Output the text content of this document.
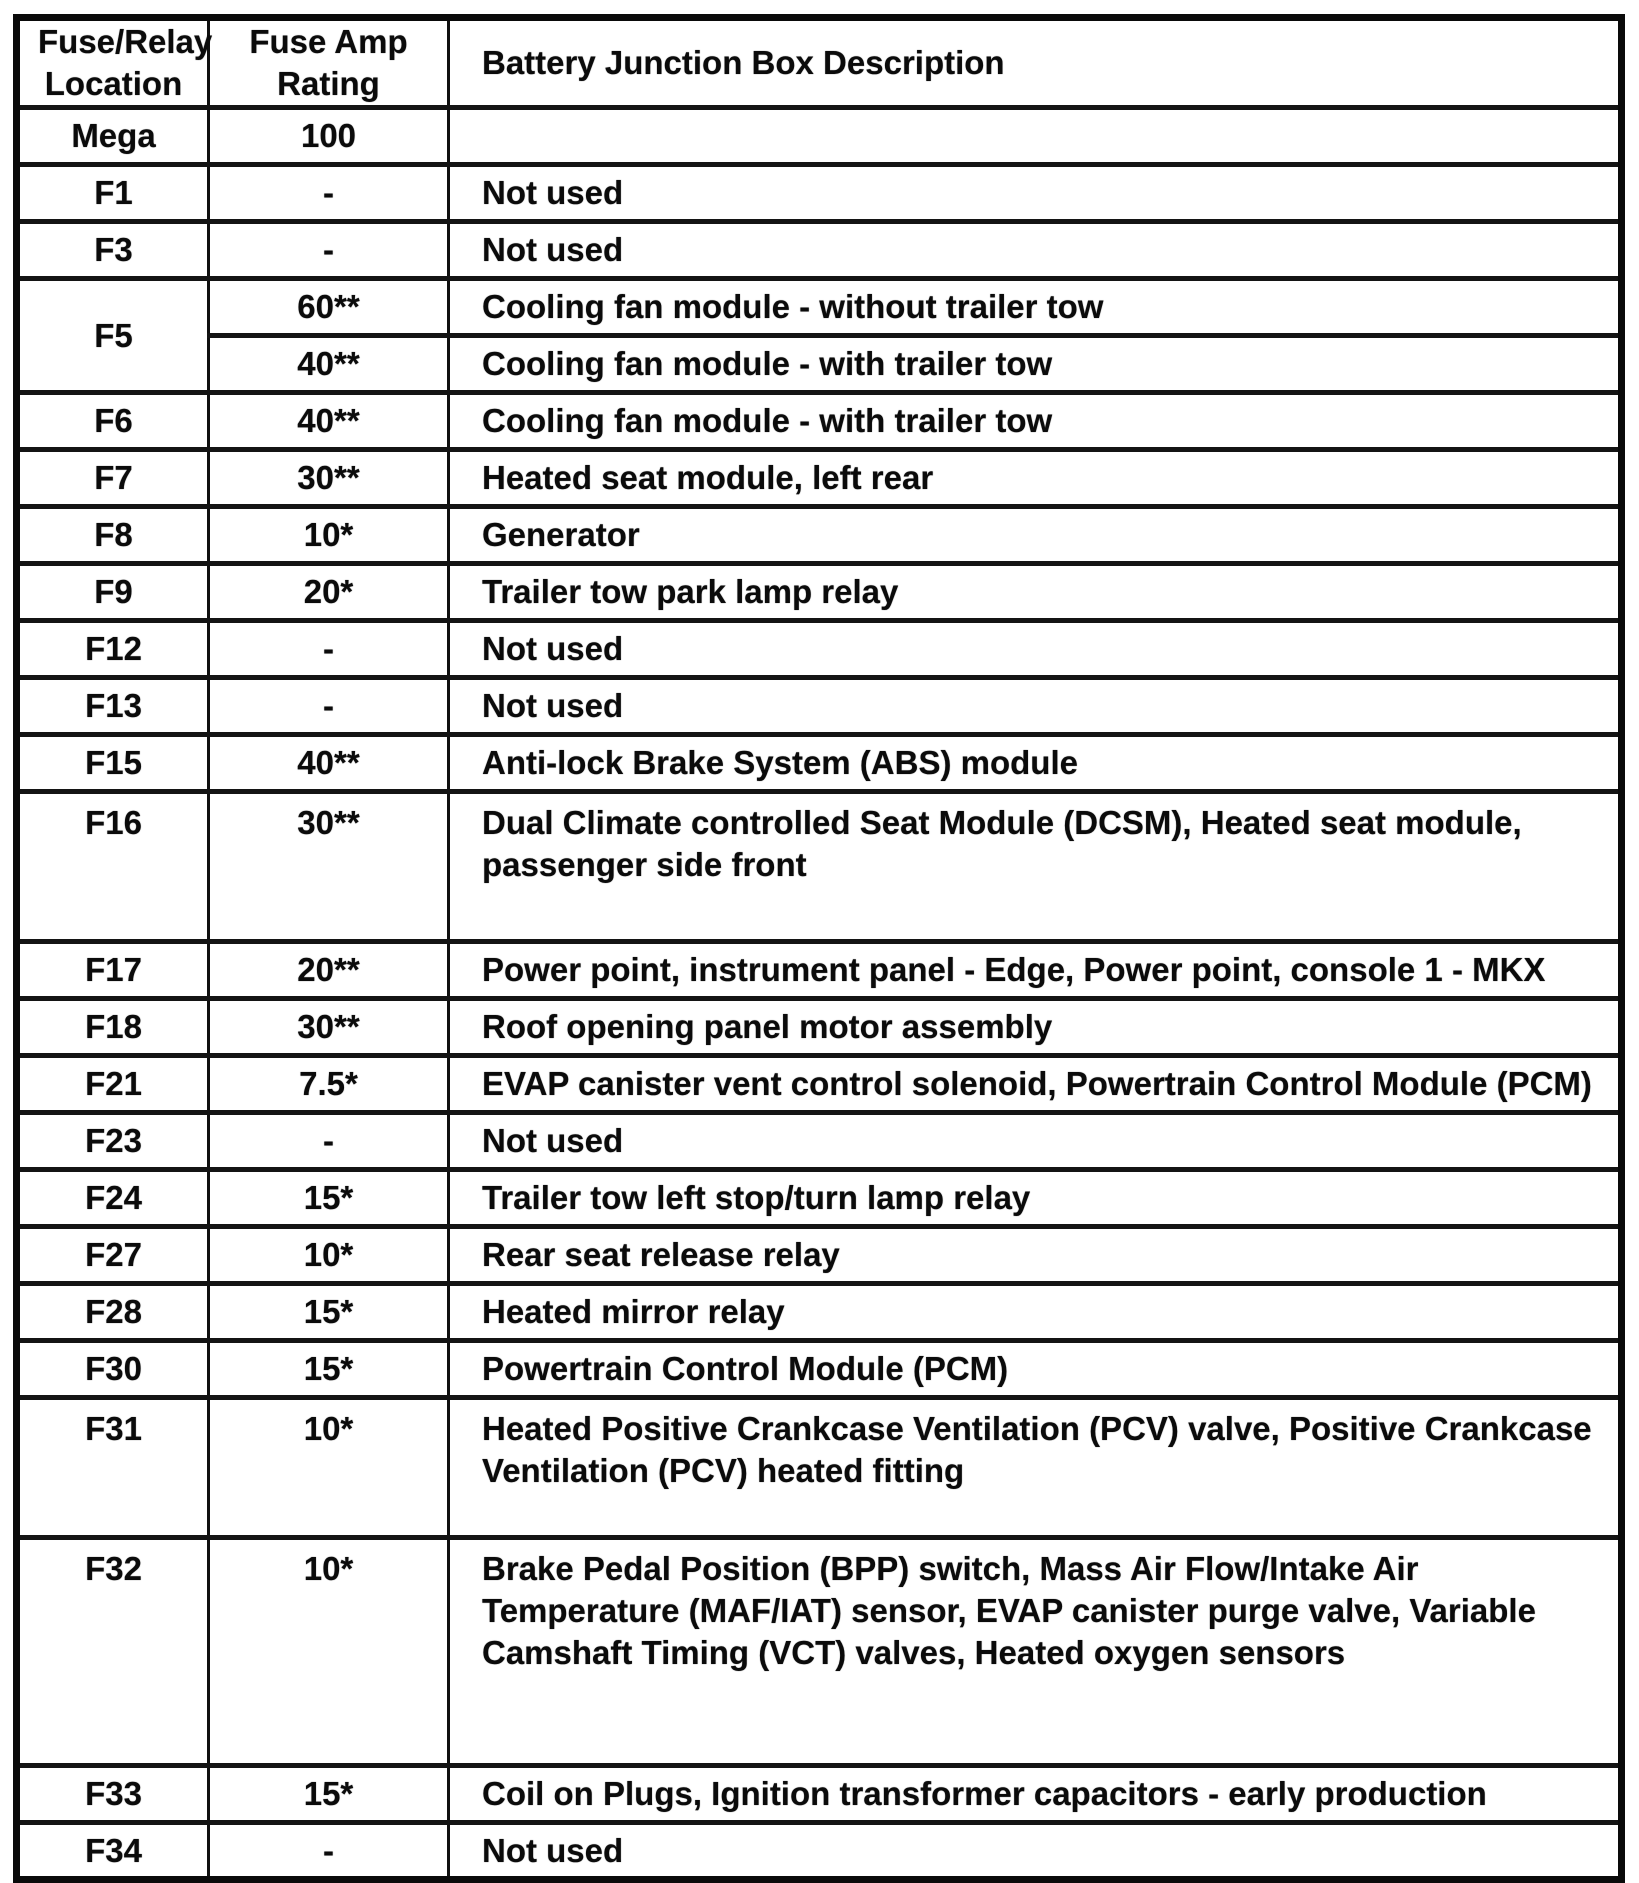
Fuse/Relay Location	Fuse Amp Rating	Battery Junction Box Description
Mega	100	
F1	-	Not used
F3	-	Not used
F5	60**	Cooling fan module - without trailer tow
	40**	Cooling fan module - with trailer tow
F6	40**	Cooling fan module - with trailer tow
F7	30**	Heated seat module, left rear
F8	10*	Generator
F9	20*	Trailer tow park lamp relay
F12	-	Not used
F13	-	Not used
F15	40**	Anti-lock Brake System (ABS) module
F16	30**	Dual Climate controlled Seat Module (DCSM), Heated seat module, passenger side front
F17	20**	Power point, instrument panel - Edge, Power point, console 1 - MKX
F18	30**	Roof opening panel motor assembly
F21	7.5*	EVAP canister vent control solenoid, Powertrain Control Module (PCM)
F23	-	Not used
F24	15*	Trailer tow left stop/turn lamp relay
F27	10*	Rear seat release relay
F28	15*	Heated mirror relay
F30	15*	Powertrain Control Module (PCM)
F31	10*	Heated Positive Crankcase Ventilation (PCV) valve, Positive Crankcase Ventilation (PCV) heated fitting
F32	10*	Brake Pedal Position (BPP) switch, Mass Air Flow/Intake Air Temperature (MAF/IAT) sensor, EVAP canister purge valve, Variable Camshaft Timing (VCT) valves, Heated oxygen sensors
F33	15*	Coil on Plugs, Ignition transformer capacitors - early production
F34	-	Not used
